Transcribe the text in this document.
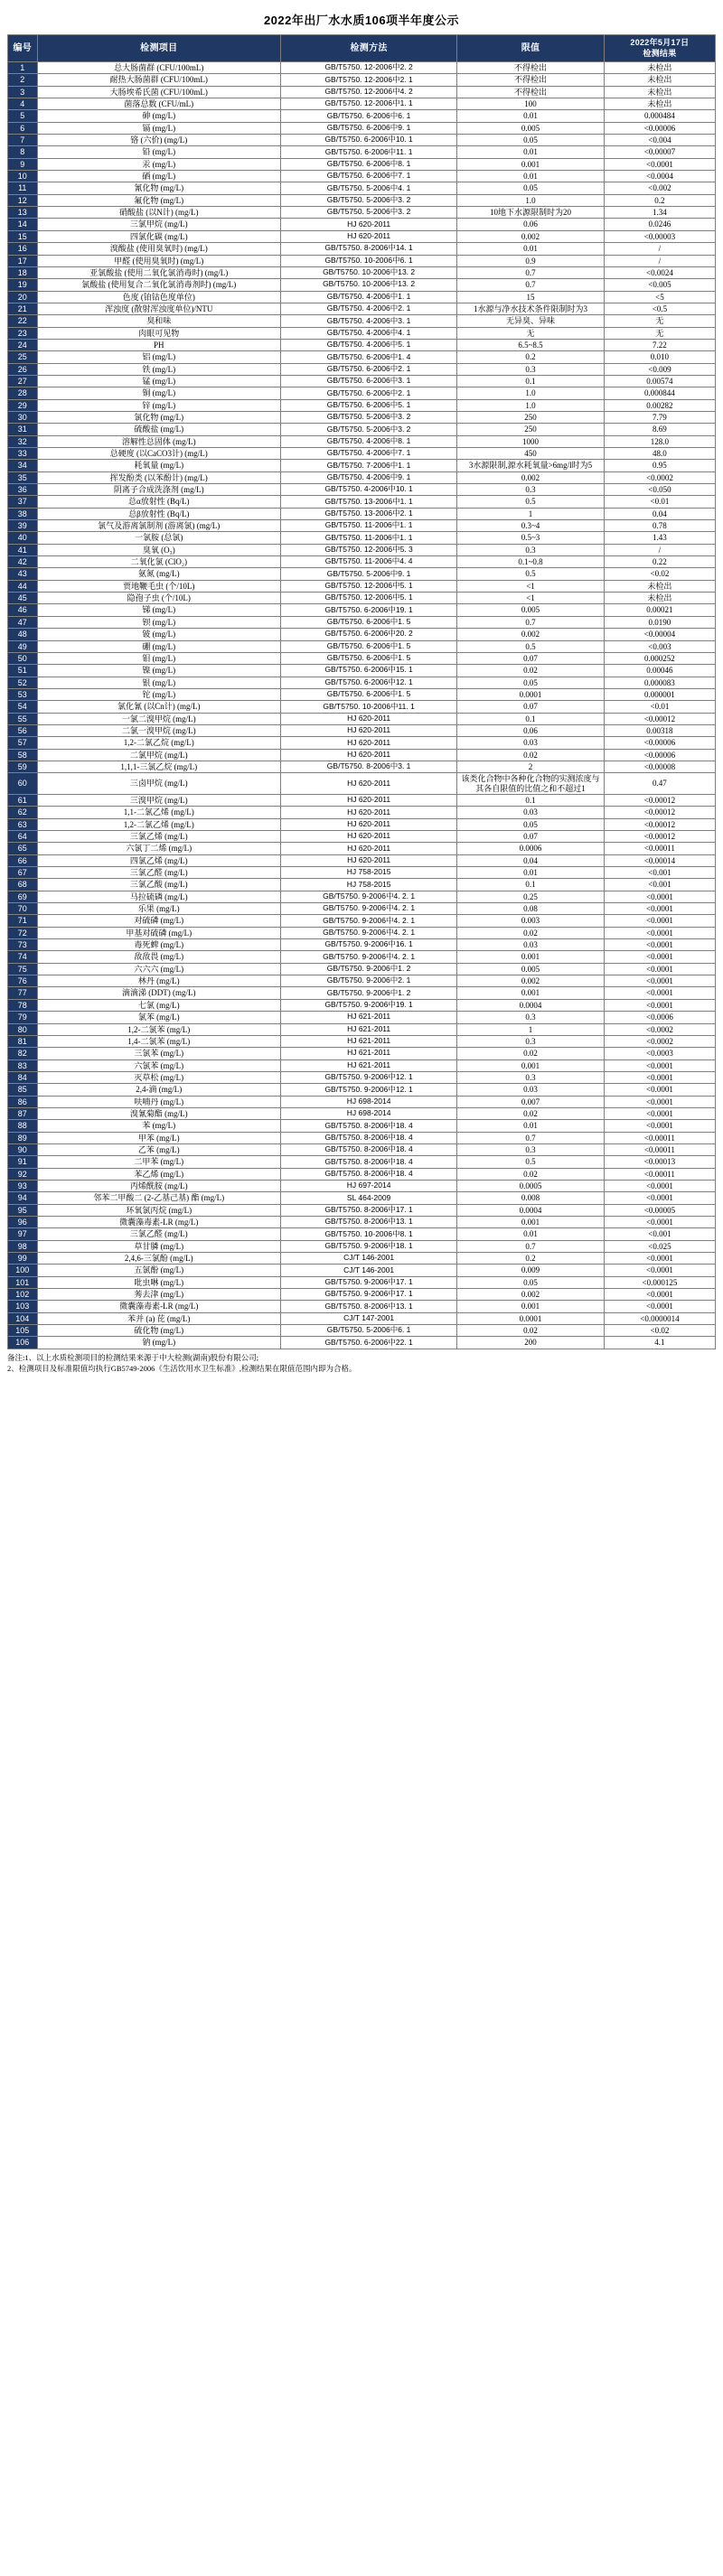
2022年出厂水水质106项半年度公示
编号	检测项目	检测方法	限值	2022年5月17日
检测结果

1	总大肠菌群 (CFU/100mL)	GB/T5750. 12-2006中2. 2	不得检出	未检出
2	耐热大肠菌群 (CFU/100mL)	GB/T5750. 12-2006中2. 1	不得检出	未检出
3	大肠埃希氏菌 (CFU/100mL)	GB/T5750. 12-2006中4. 2	不得检出	未检出
4	菌落总数 (CFU/mL)	GB/T5750. 12-2006中1. 1	100	未检出
5	砷 (mg/L)	GB/T5750. 6-2006中6. 1	0.01	0.000484
6	镉 (mg/L)	GB/T5750. 6-2006中9. 1	0.005	<0.00006
7	铬 (六价) (mg/L)	GB/T5750. 6-2006中10. 1	0.05	<0.004
8	铅 (mg/L)	GB/T5750. 6-2006中11. 1	0.01	<0.00007
9	汞 (mg/L)	GB/T5750. 6-2006中8. 1	0.001	<0.0001
10	硒 (mg/L)	GB/T5750. 6-2006中7. 1	0.01	<0.0004
11	氰化物 (mg/L)	GB/T5750. 5-2006中4. 1	0.05	<0.002
12	氟化物 (mg/L)	GB/T5750. 5-2006中3. 2	1.0	0.2
13	硝酸盐 (以N计) (mg/L)	GB/T5750. 5-2006中3. 2	10地下水源限制时为20	1.34
14	三氯甲烷 (mg/L)	HJ 620-2011	0.06	0.0246
15	四氯化碳 (mg/L)	HJ 620-2011	0.002	<0.00003
16	溴酸盐 (使用臭氧时) (mg/L)	GB/T5750. 8-2006中14. 1	0.01	/
17	甲醛 (使用臭氧时) (mg/L)	GB/T5750. 10-2006中6. 1	0.9	/
18	亚氯酸盐 (使用二氧化氯消毒时) (mg/L)	GB/T5750. 10-2006中13. 2	0.7	<0.0024
19	氯酸盐 (使用复合二氧化氯消毒剂时) (mg/L)	GB/T5750. 10-2006中13. 2	0.7	<0.005
20	色度 (铂钴色度单位)	GB/T5750. 4-2006中1. 1	15	<5
21	浑浊度 (散射浑浊度单位)/NTU	GB/T5750. 4-2006中2. 1	1水源与净水技术条件限制时为3	<0.5
22	臭和味	GB/T5750. 4-2006中3. 1	无异臭、异味	无
23	肉眼可见物	GB/T5750. 4-2006中4. 1	无	无
24	PH	GB/T5750. 4-2006中5. 1	6.5~8.5	7.22
25	铝 (mg/L)	GB/T5750. 6-2006中1. 4	0.2	0.010
26	铁 (mg/L)	GB/T5750. 6-2006中2. 1	0.3	<0.009
27	锰 (mg/L)	GB/T5750. 6-2006中3. 1	0.1	0.00574
28	铜 (mg/L)	GB/T5750. 6-2006中2. 1	1.0	0.000844
29	锌 (mg/L)	GB/T5750. 6-2006中5. 1	1.0	0.00282
30	氯化物 (mg/L)	GB/T5750. 5-2006中3. 2	250	7.79
31	硫酸盐 (mg/L)	GB/T5750. 5-2006中3. 2	250	8.69
32	溶解性总固体 (mg/L)	GB/T5750. 4-2006中8. 1	1000	128.0
33	总硬度 (以CaCO3计) (mg/L)	GB/T5750. 4-2006中7. 1	450	48.0
34	耗氧量 (mg/L)	GB/T5750. 7-2006中1. 1	3水源限制,源水耗氧量>6mg/l时为5	0.95
35	挥发酚类 (以苯酚计) (mg/L)	GB/T5750. 4-2006中9. 1	0.002	<0.0002
36	阴离子合成洗涤剂 (mg/L)	GB/T5750. 4-2006中10. 1	0.3	<0.050
37	总α放射性 (Bq/L)	GB/T5750. 13-2006中1. 1	0.5	<0.01
38	总β放射性 (Bq/L)	GB/T5750. 13-2006中2. 1	1	0.04
39	氯气及游离氯制剂 (游离氯) (mg/L)	GB/T5750. 11-2006中1. 1	0.3~4	0.78
40	一氯胺 (总氯)	GB/T5750. 11-2006中1. 1	0.5~3	1.43
41	臭氧 (O₃)	GB/T5750. 12-2006中5. 3	0.3	/
42	二氧化氯 (ClO₂)	GB/T5750. 11-2006中4. 4	0.1~0.8	0.22
43	氨氮 (mg/L)	GB/T5750. 5-2006中9. 1	0.5	<0.02
44	贾地鞭毛虫 (个/10L)	GB/T5750. 12-2006中5. 1	<1	未检出
45	隐孢子虫 (个/10L)	GB/T5750. 12-2006中5. 1	<1	未检出
46	锑 (mg/L)	GB/T5750. 6-2006中19. 1	0.005	0.00021
47	钡 (mg/L)	GB/T5750. 6-2006中1. 5	0.7	0.0190
48	铍 (mg/L)	GB/T5750. 6-2006中20. 2	0.002	<0.00004
49	硼 (mg/L)	GB/T5750. 6-2006中1. 5	0.5	<0.003
50	钼 (mg/L)	GB/T5750. 6-2006中1. 5	0.07	0.000252
51	镍 (mg/L)	GB/T5750. 6-2006中15. 1	0.02	0.00046
52	银 (mg/L)	GB/T5750. 6-2006中12. 1	0.05	0.000083
53	铊 (mg/L)	GB/T5750. 6-2006中1. 5	0.0001	0.000001
54	氯化氰 (以Cn计) (mg/L)	GB/T5750. 10-2006中11. 1	0.07	<0.01
55	一氯二溴甲烷 (mg/L)	HJ 620-2011	0.1	<0.00012
56	二氯一溴甲烷 (mg/L)	HJ 620-2011	0.06	0.00318
57	1,2-二氯乙烷 (mg/L)	HJ 620-2011	0.03	<0.00006
58	二氯甲烷 (mg/L)	HJ 620-2011	0.02	<0.00006
59	1,1,1-三氯乙烷 (mg/L)	GB/T5750. 8-2006中3. 1	2	<0.00008
60	三卤甲烷 (mg/L)	HJ 620-2011	该类化合物中各种化合物的实测浓度与其各自限值的比值之和不超过1	0.47
61	三溴甲烷 (mg/L)	HJ 620-2011	0.1	<0.00012
62	1,1-二氯乙烯 (mg/L)	HJ 620-2011	0.03	<0.00012
63	1,2-二氯乙烯 (mg/L)	HJ 620-2011	0.05	<0.00012
64	三氯乙烯 (mg/L)	HJ 620-2011	0.07	<0.00012
65	六氯丁二烯 (mg/L)	HJ 620-2011	0.0006	<0.00011
66	四氯乙烯 (mg/L)	HJ 620-2011	0.04	<0.00014
67	三氯乙醛 (mg/L)	HJ 758-2015	0.01	<0.001
68	三氯乙酸 (mg/L)	HJ 758-2015	0.1	<0.001
69	马拉硫磷 (mg/L)	GB/T5750. 9-2006中4. 2. 1	0.25	<0.0001
70	乐果 (mg/L)	GB/T5750. 9-2006中4. 2. 1	0.08	<0.0001
71	对硫磷 (mg/L)	GB/T5750. 9-2006中4. 2. 1	0.003	<0.0001
72	甲基对硫磷 (mg/L)	GB/T5750. 9-2006中4. 2. 1	0.02	<0.0001
73	毒死蜱 (mg/L)	GB/T5750. 9-2006中16. 1	0.03	<0.0001
74	敌敌畏 (mg/L)	GB/T5750. 9-2006中4. 2. 1	0.001	<0.0001
75	六六六 (mg/L)	GB/T5750. 9-2006中1. 2	0.005	<0.0001
76	林丹 (mg/L)	GB/T5750. 9-2006中2. 1	0.002	<0.0001
77	滴滴涕 (DDT) (mg/L)	GB/T5750. 9-2006中1. 2	0.001	<0.0001
78	七氯 (mg/L)	GB/T5750. 9-2006中19. 1	0.0004	<0.0001
79	氯苯 (mg/L)	HJ 621-2011	0.3	<0.0006
80	1,2-二氯苯 (mg/L)	HJ 621-2011	1	<0.0002
81	1,4-二氯苯 (mg/L)	HJ 621-2011	0.3	<0.0002
82	三氯苯 (mg/L)	HJ 621-2011	0.02	<0.0003
83	六氯苯 (mg/L)	HJ 621-2011	0.001	<0.0001
84	灭草松 (mg/L)	GB/T5750. 9-2006中12. 1	0.3	<0.0001
85	2,4-滴 (mg/L)	GB/T5750. 9-2006中12. 1	0.03	<0.0001
86	呋喃丹 (mg/L)	HJ 698-2014	0.007	<0.0001
87	溴氰菊酯 (mg/L)	HJ 698-2014	0.02	<0.0001
88	苯 (mg/L)	GB/T5750. 8-2006中18. 4	0.01	<0.0001
89	甲苯 (mg/L)	GB/T5750. 8-2006中18. 4	0.7	<0.00011
90	乙苯 (mg/L)	GB/T5750. 8-2006中18. 4	0.3	<0.00011
91	二甲苯 (mg/L)	GB/T5750. 8-2006中18. 4	0.5	<0.00013
92	苯乙烯 (mg/L)	GB/T5750. 8-2006中18. 4	0.02	<0.00011
93	丙烯酰胺 (mg/L)	HJ 697-2014	0.0005	<0.0001
94	邻苯二甲酸二 (2-乙基己基) 酯 (mg/L)	SL 464-2009	0.008	<0.0001
95	环氧氯丙烷 (mg/L)	GB/T5750. 8-2006中17. 1	0.0004	<0.00005
96	微囊藻毒素-LR (mg/L)	GB/T5750. 8-2006中13. 1	0.001	<0.0001
97	三氯乙醛 (mg/L)	GB/T5750. 10-2006中8. 1	0.01	<0.001
98	草甘膦 (mg/L)	GB/T5750. 9-2006中18. 1	0.7	<0.025
99	2,4,6-三氯酚 (mg/L)	CJ/T 146-2001	0.2	<0.0001
100	五氯酚 (mg/L)	CJ/T 146-2001	0.009	<0.0001
101	吡虫啉 (mg/L)	GB/T5750. 9-2006中17. 1	0.05	<0.000125
102	莠去津 (mg/L)	GB/T5750. 9-2006中17. 1	0.002	<0.0001
103	微囊藻毒素-LR (mg/L)	GB/T5750. 8-2006中13. 1	0.001	<0.0001
104	苯并 (a) 芘 (mg/L)	CJ/T 147-2001	0.0001	<0.0000014
105	硫化物 (mg/L)	GB/T5750. 5-2006中6. 1	0.02	<0.02
106	钠 (mg/L)	GB/T5750. 6-2006中22. 1	200	4.1
备注:1、以上水质检测项目的检测结果来源于中大检测(湖南)股份有限公司;
2、检测项目及标准限值均执行GB5749-2006《生活饮用水卫生标准》,检测结果在限值范围内即为合格。
